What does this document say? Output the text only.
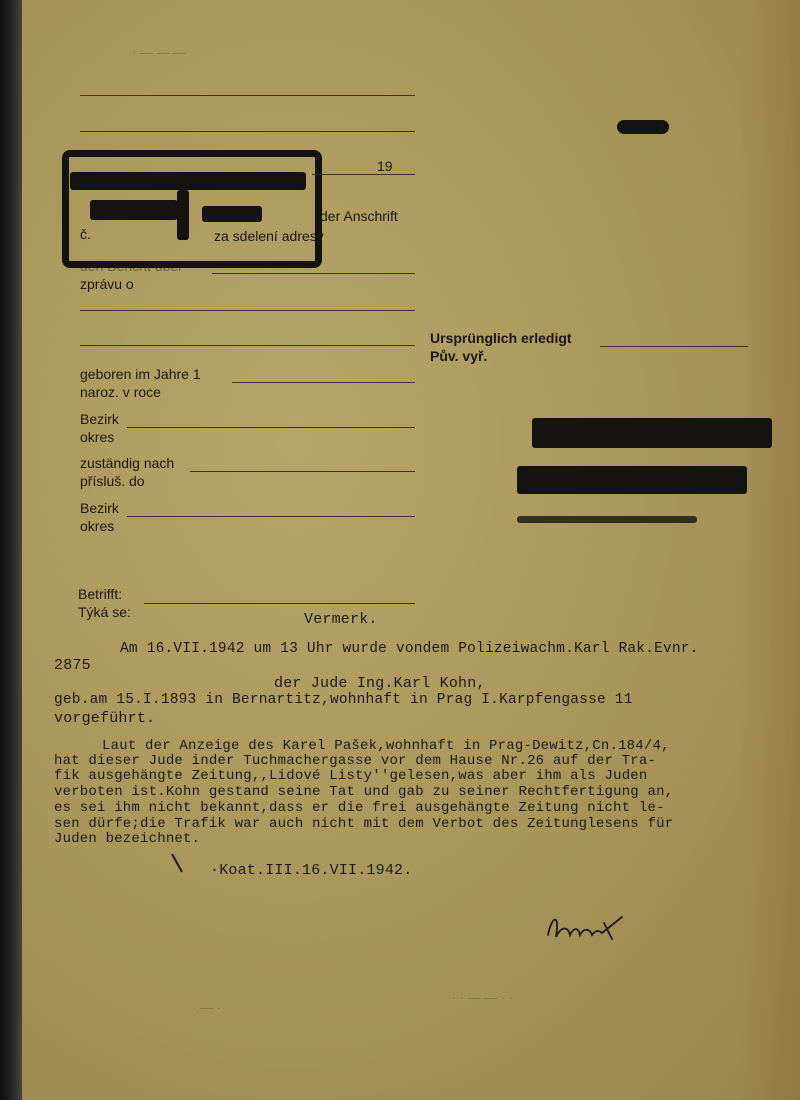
· — — —
19
č.
der Anschrift
za sdelení adresy
den Bericht über
zprávu o
geboren im Jahre 1
naroz. v roce
Bezirk
okres
zuständig nach
přísluš. do
Bezirk
okres
Betrifft:
Týká se:
Ursprünglich erledigt
Pův. vyř.
Vermerk.
Am 16.VII.1942 um 13 Uhr wurde vondem Polizeiwachm.Karl Rak.Evnr.
2875
der Jude Ing.Karl Kohn,
geb.am 15.I.1893 in Bernartitz,wohnhaft in Prag I.Karpfengasse 11
vorgeführt.
Laut der Anzeige des Karel Pašek,wohnhaft in Prag-Dewitz,Cn.184/4,
hat dieser Jude inder Tuchmachergasse vor dem Hause Nr.26 auf der Tra-
fik ausgehängte Zeitung,,Lidové Listy''gelesen,was aber ihm als Juden
verboten ist.Kohn gestand seine Tat und gab zu seiner Rechtfertigung an,
es sei ihm nicht bekannt,dass er die frei ausgehängte Zeitung nicht le-
sen dürfe;die Trafik war auch nicht mit dem Verbot des Zeitunglesens für
Juden bezeichnet.
·Koat.III.16.VII.1942.
· · — — · ·
· — ·
